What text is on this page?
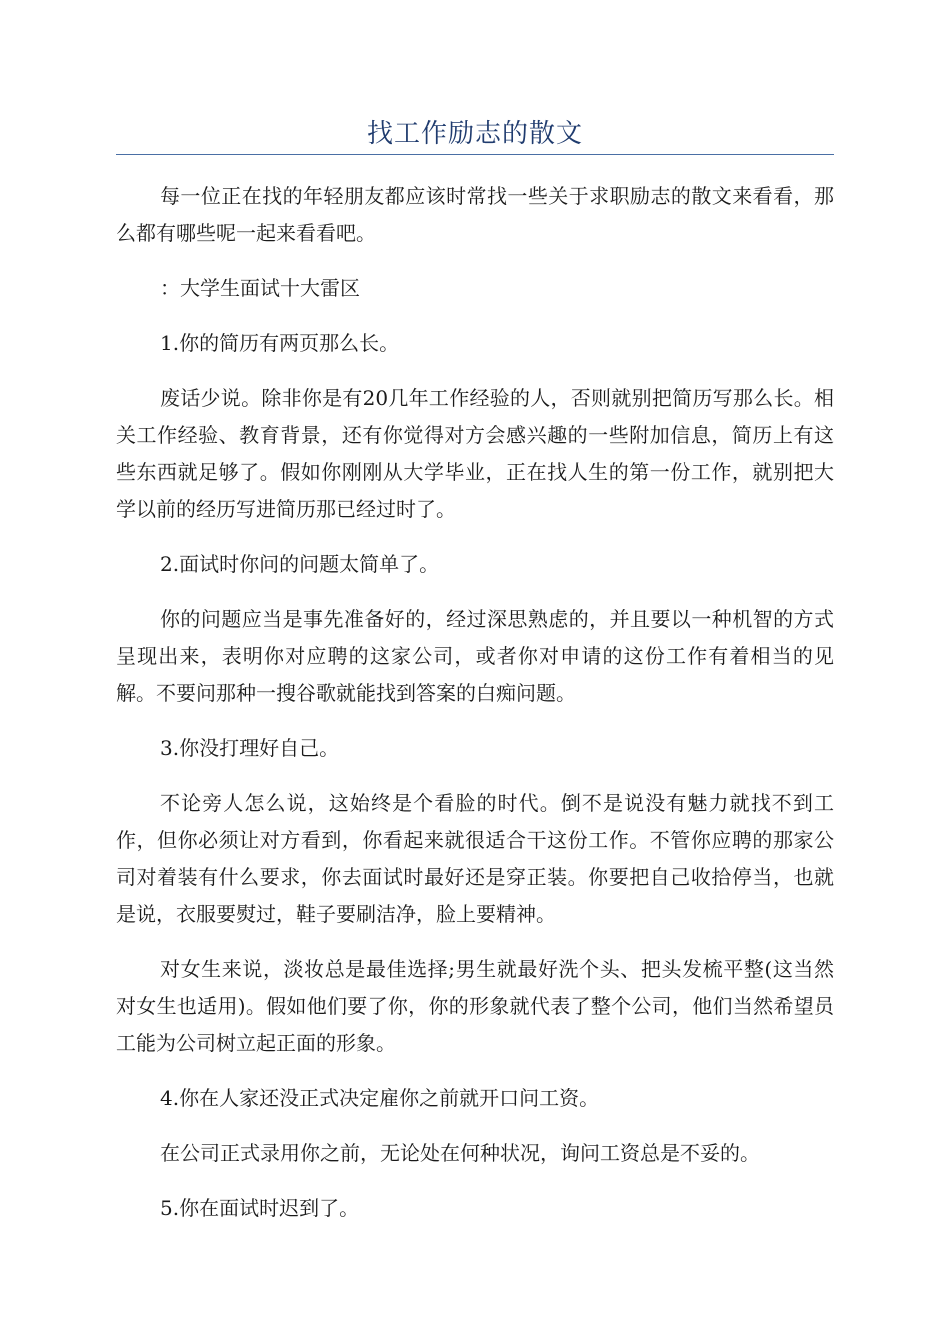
找工作励志的散文

每一位正在找的年轻朋友都应该时常找一些关于求职励志的散文来看看，那么都有哪些呢一起来看看吧。

：大学生面试十大雷区

1.你的简历有两页那么长。

废话少说。除非你是有20几年工作经验的人，否则就别把简历写那么长。相关工作经验、教育背景，还有你觉得对方会感兴趣的一些附加信息，简历上有这些东西就足够了。假如你刚刚从大学毕业，正在找人生的第一份工作，就别把大学以前的经历写进简历那已经过时了。

2.面试时你问的问题太简单了。

你的问题应当是事先准备好的，经过深思熟虑的，并且要以一种机智的方式呈现出来，表明你对应聘的这家公司，或者你对申请的这份工作有着相当的见解。不要问那种一搜谷歌就能找到答案的白痴问题。

3.你没打理好自己。

不论旁人怎么说，这始终是个看脸的时代。倒不是说没有魅力就找不到工作，但你必须让对方看到，你看起来就很适合干这份工作。不管你应聘的那家公司对着装有什么要求，你去面试时最好还是穿正装。你要把自己收拾停当，也就是说，衣服要熨过，鞋子要刷洁净，脸上要精神。

对女生来说，淡妆总是最佳选择;男生就最好洗个头、把头发梳平整(这当然对女生也适用)。假如他们要了你，你的形象就代表了整个公司，他们当然希望员工能为公司树立起正面的形象。

4.你在人家还没正式决定雇你之前就开口问工资。

在公司正式录用你之前，无论处在何种状况，询问工资总是不妥的。

5.你在面试时迟到了。
